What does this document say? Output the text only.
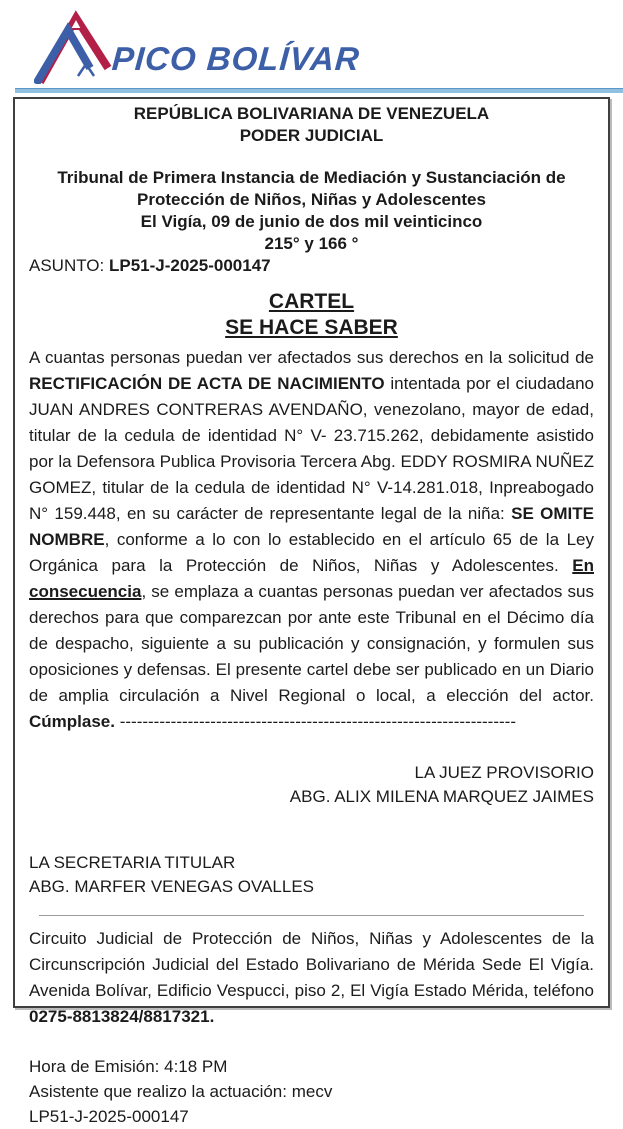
PICO BOLÍVAR
REPÚBLICA BOLIVARIANA DE VENEZUELA
PODER JUDICIAL
Tribunal de Primera Instancia de Mediación y Sustanciación de
Protección de Niños, Niñas y Adolescentes
El Vigía, 09 de junio de dos mil veinticinco
215° y 166 °
ASUNTO: LP51-J-2025-000147
CARTEL
SE HACE SABER
A cuantas personas puedan ver afectados sus derechos en la solicitud de RECTIFICACIÓN DE ACTA DE NACIMIENTO intentada por el ciudadano JUAN ANDRES CONTRERAS AVENDAÑO, venezolano, mayor de edad, titular de la cedula de identidad N° V- 23.715.262, debidamente asistido por la Defensora Publica Provisoria Tercera Abg. EDDY ROSMIRA NUÑEZ GOMEZ, titular de la cedula de identidad N° V-14.281.018, Inpreabogado N° 159.448, en su carácter de representante legal de la niña: SE OMITE NOMBRE, conforme a lo con lo establecido en el artículo 65 de la Ley Orgánica para la Protección de Niños, Niñas y Adolescentes. En consecuencia, se emplaza a cuantas personas puedan ver afectados sus derechos para que comparezcan por ante este Tribunal en el Décimo día de despacho, siguiente a su publicación y consignación, y formulen sus oposiciones y defensas. El presente cartel debe ser publicado en un Diario de amplia circulación a Nivel Regional o local, a elección del actor. Cúmplase. ----------------------------------------------------------------------
LA JUEZ PROVISORIO
ABG. ALIX MILENA MARQUEZ JAIMES
LA SECRETARIA TITULAR
ABG. MARFER VENEGAS OVALLES
Circuito Judicial de Protección de Niños, Niñas y Adolescentes de la Circunscripción Judicial del Estado Bolivariano de Mérida Sede El Vigía. Avenida Bolívar, Edificio Vespucci, piso 2, El Vigía Estado Mérida, teléfono 0275-8813824/8817321.
Hora de Emisión: 4:18 PM
Asistente que realizo la actuación: mecv
LP51-J-2025-000147
